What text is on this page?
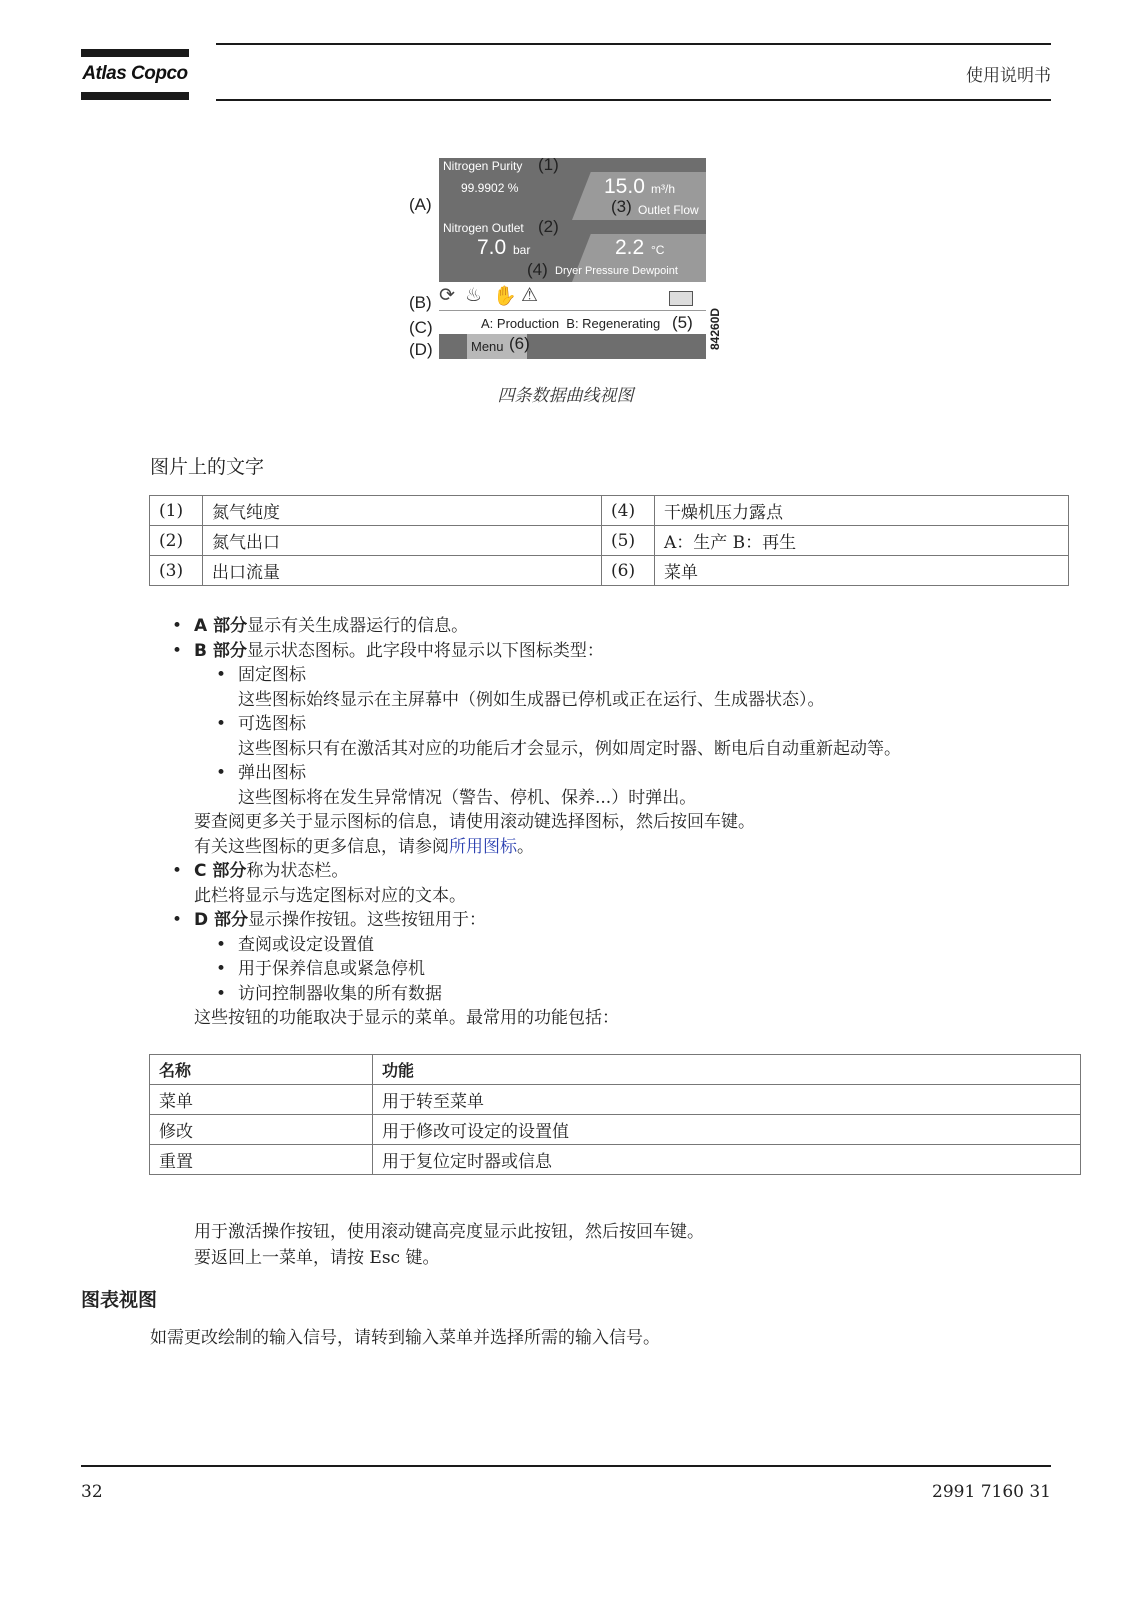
Atlas Copco	使用说明书
(A)
(B)
(C)
(D)
Nitrogen Purity (1)
99.9902 %	15.0 m³/h
(3) Outlet Flow
Nitrogen Outlet (2)
7.0 bar	2.2 °C
(4) Dryer Pressure Dewpoint
⟳ ♨ ✋ ⚠
A: Production  B: Regenerating (5)
Menu (6)	84260D
四条数据曲线视图
图片上的文字
(1)	氮气纯度	(4)	干燥机压力露点
(2)	氮气出口	(5)	A：生产 B：再生
(3)	出口流量	(6)	菜单
• A 部分显示有关生成器运行的信息。
• B 部分显示状态图标。此字段中将显示以下图标类型：
• 固定图标
这些图标始终显示在主屏幕中（例如生成器已停机或正在运行、生成器状态）。
• 可选图标
这些图标只有在激活其对应的功能后才会显示，例如周定时器、断电后自动重新起动等。
• 弹出图标
这些图标将在发生异常情况（警告、停机、保养...）时弹出。
要查阅更多关于显示图标的信息，请使用滚动键选择图标，然后按回车键。
有关这些图标的更多信息，请参阅所用图标。
• C 部分称为状态栏。
此栏将显示与选定图标对应的文本。
• D 部分显示操作按钮。这些按钮用于：
• 查阅或设定设置值
• 用于保养信息或紧急停机
• 访问控制器收集的所有数据
这些按钮的功能取决于显示的菜单。最常用的功能包括：
名称	功能
菜单	用于转至菜单
修改	用于修改可设定的设置值
重置	用于复位定时器或信息
用于激活操作按钮，使用滚动键高亮度显示此按钮，然后按回车键。
要返回上一菜单，请按 Esc 键。
图表视图
如需更改绘制的输入信号，请转到输入菜单并选择所需的输入信号。
32	2991 7160 31
